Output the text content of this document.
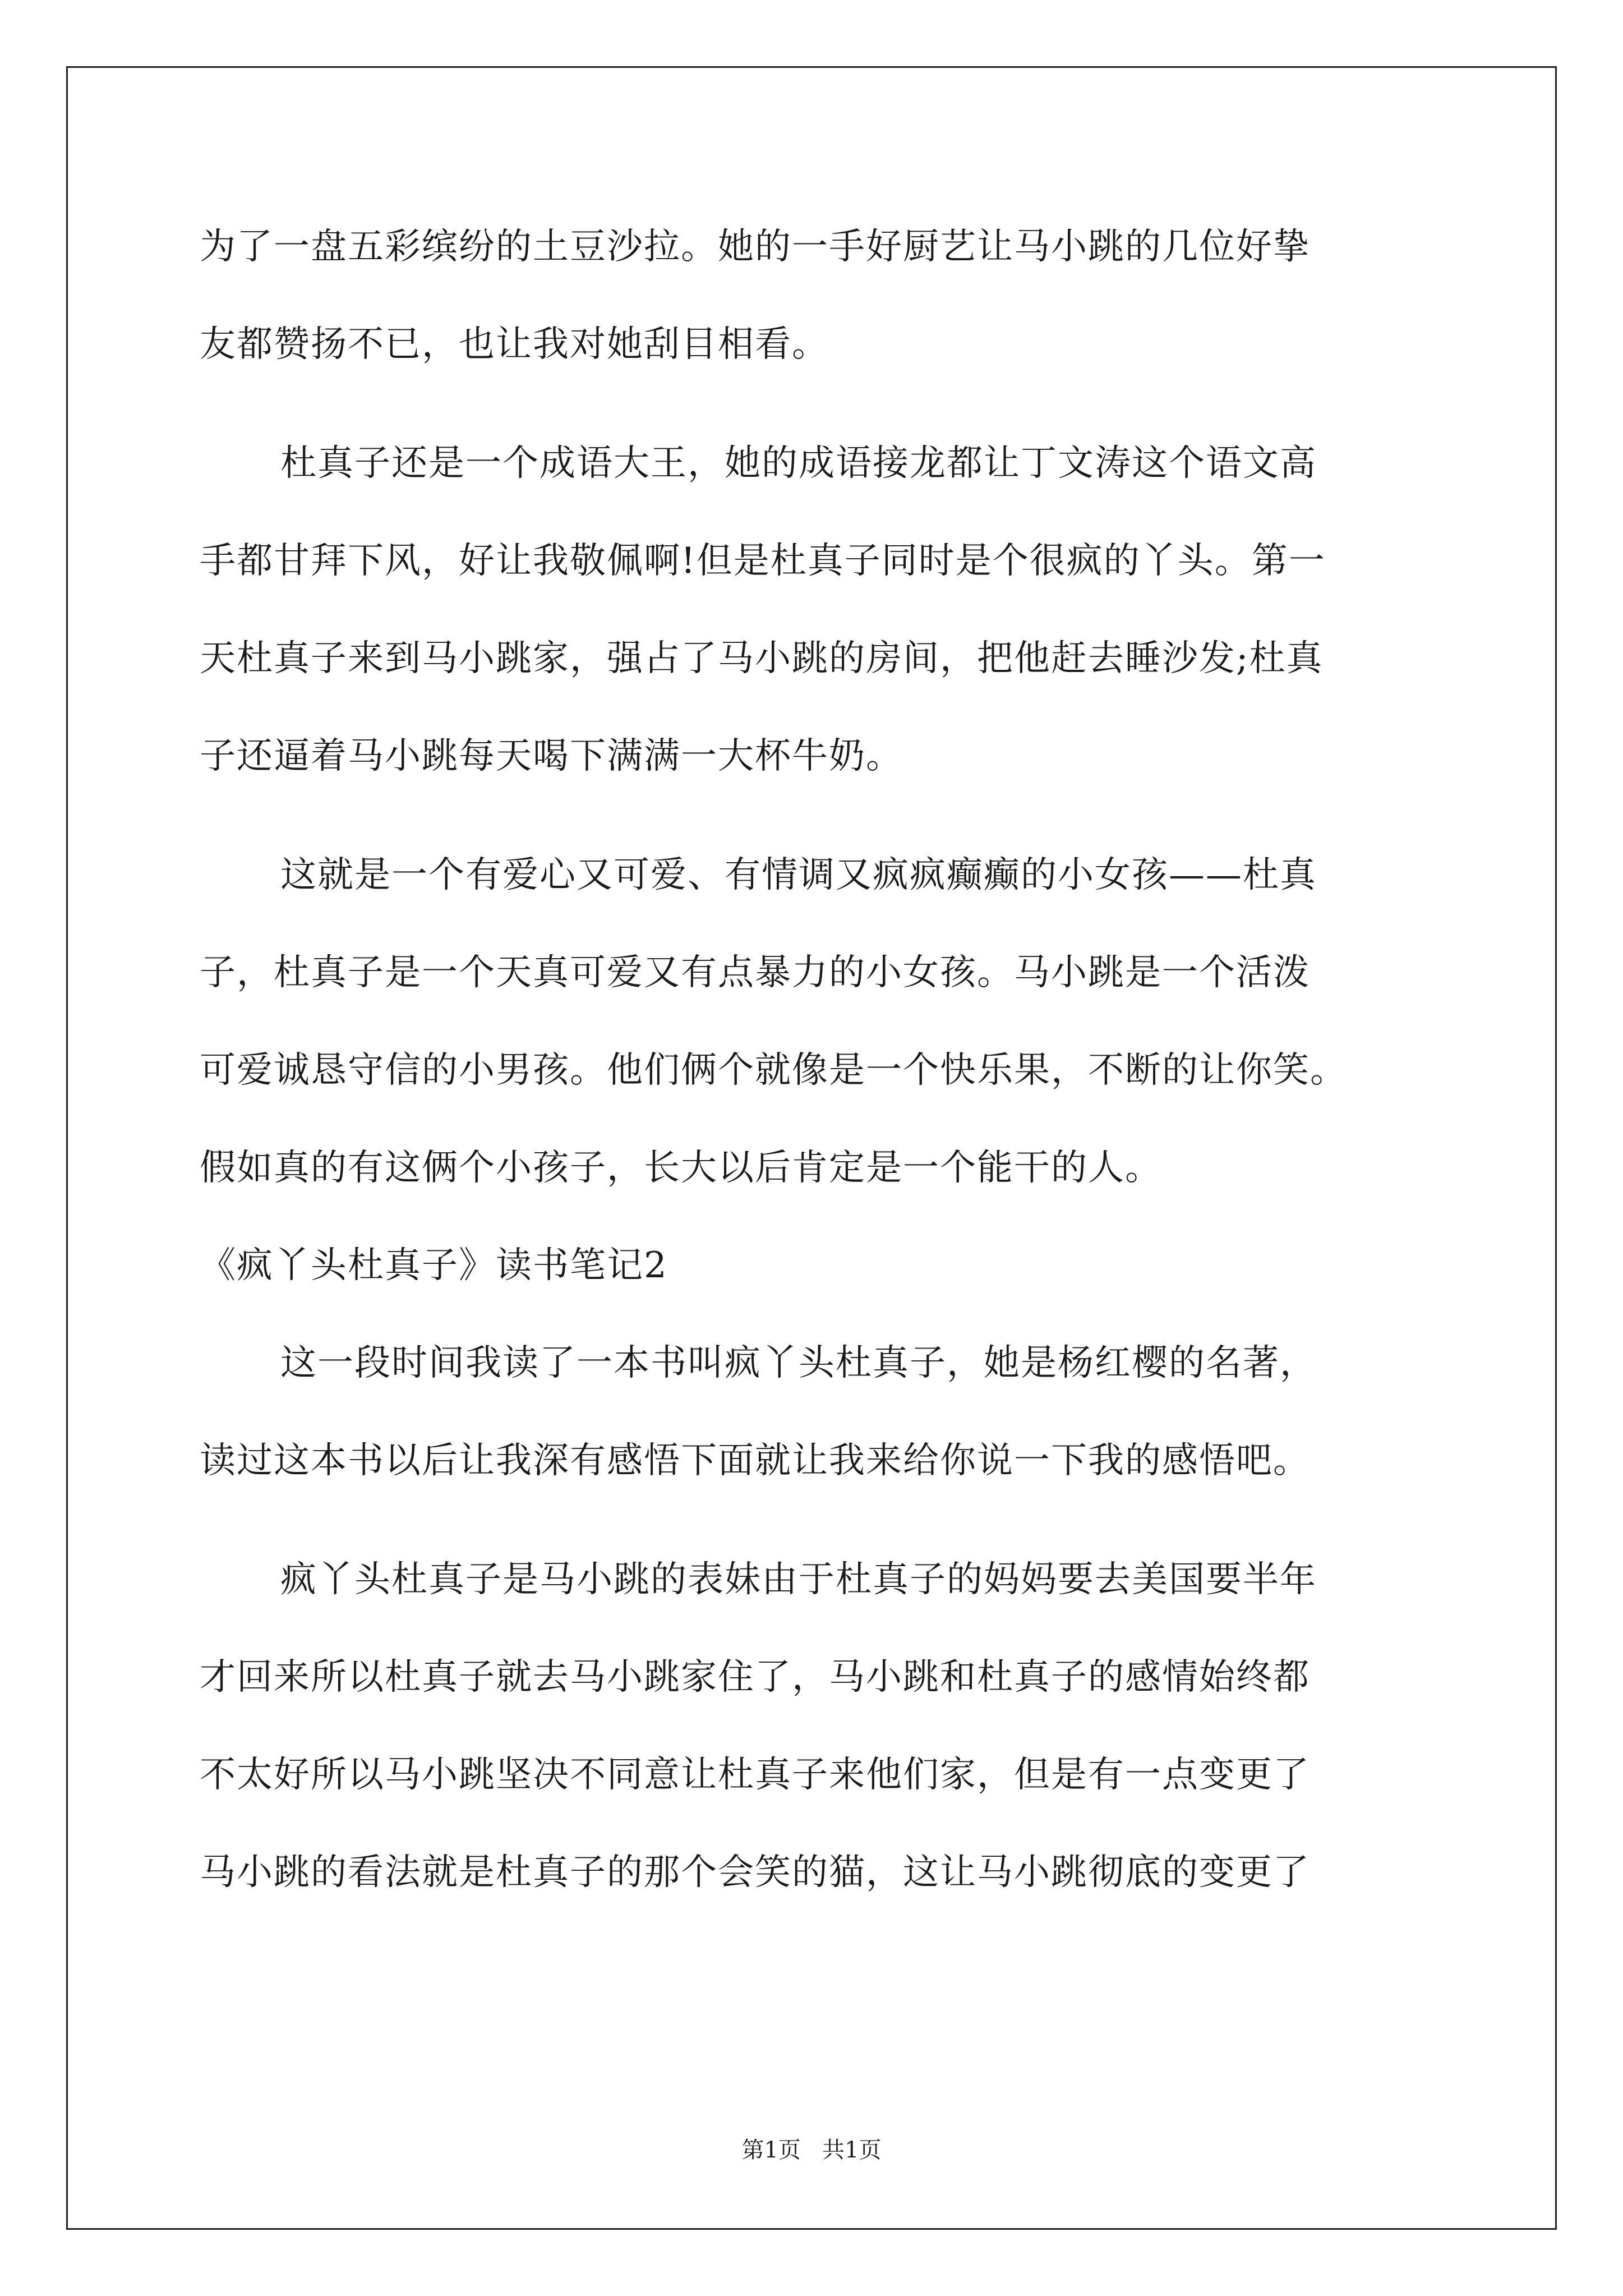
为了一盘五彩缤纷的土豆沙拉。她的一手好厨艺让马小跳的几位好挚
友都赞扬不已，也让我对她刮目相看。
杜真子还是一个成语大王，她的成语接龙都让丁文涛这个语文高
手都甘拜下风，好让我敬佩啊!但是杜真子同时是个很疯的丫头。第一
天杜真子来到马小跳家，强占了马小跳的房间，把他赶去睡沙发;杜真
子还逼着马小跳每天喝下满满一大杯牛奶。
这就是一个有爱心又可爱、有情调又疯疯癫癫的小女孩——杜真
子，杜真子是一个天真可爱又有点暴力的小女孩。马小跳是一个活泼
可爱诚恳守信的小男孩。他们俩个就像是一个快乐果，不断的让你笑。
假如真的有这俩个小孩子，长大以后肯定是一个能干的人。
《疯丫头杜真子》读书笔记2
这一段时间我读了一本书叫疯丫头杜真子，她是杨红樱的名著，
读过这本书以后让我深有感悟下面就让我来给你说一下我的感悟吧。
疯丫头杜真子是马小跳的表妹由于杜真子的妈妈要去美国要半年
才回来所以杜真子就去马小跳家住了，马小跳和杜真子的感情始终都
不太好所以马小跳坚决不同意让杜真子来他们家，但是有一点变更了
马小跳的看法就是杜真子的那个会笑的猫，这让马小跳彻底的变更了
第1页   共1页
